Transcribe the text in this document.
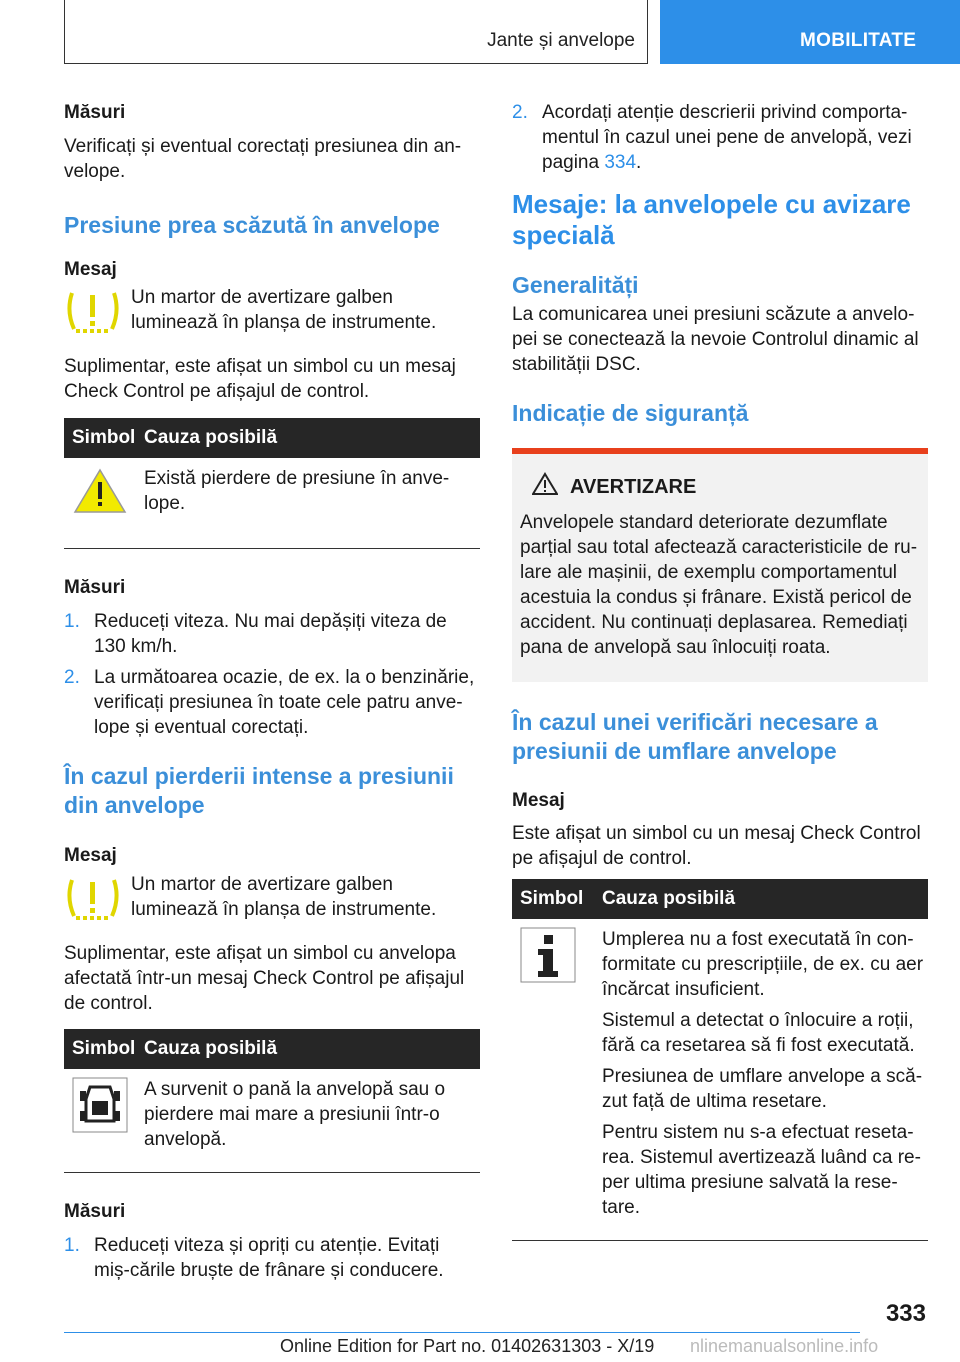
Jante și anvelope	MOBILITATE

Măsuri

Verificați și eventual corectați presiunea din an-velope.

Presiune prea scăzută în anvelope

Mesaj

Un martor de avertizare galben luminează în planșa de instrumente.

Suplimentar, este afișat un simbol cu un mesaj Check Control pe afișajul de control.

Simbol Cauza posibilă

Există pierdere de presiune în anve-lope.

Măsuri

1. Reduceți viteza. Nu mai depășiți viteza de 130 km/h.
2. La următoarea ocazie, de ex. la o benzinărie, verificați presiunea în toate cele patru anve-lope și eventual corectați.
În cazul pierderii intense a presiunii din anvelope

Mesaj

Un martor de avertizare galben luminează în planșa de instrumente.

Suplimentar, este afișat un simbol cu anvelopa afectată într-un mesaj Check Control pe afișajul de control.

Simbol Cauza posibilă

A survenit o pană la anvelopă sau o pierdere mai mare a presiunii într-o anvelopă.

Măsuri

1. Reduceți viteza și opriți cu atenție. Evitați miș-cările bruște de frânare și conducere.
2. Acordați atenție descrierii privind comporta-mentul în cazul unei pene de anvelopă, vezi pagina 334.
Mesaje: la anvelopele cu avizare specială
Generalități

La comunicarea unei presiuni scăzute a anvelo-pei se conectează la nevoie Controlul dinamic al stabilității DSC.

Indicație de siguranță
AVERTIZARE

Anvelopele standard deteriorate dezumflate parțial sau total afectează caracteristicile de ru-lare ale mașinii, de exemplu comportamentul acestuia la condus și frânare. Există pericol de accident. Nu continuați deplasarea. Remediați pana de anvelopă sau înlocuiți roata.

În cazul unei verificări necesare a presiunii de umflare anvelope

Mesaj

Este afișat un simbol cu un mesaj Check Control pe afișajul de control.

Simbol Cauza posibilă

Umplerea nu a fost executată în con-formitate cu prescripțiile, de ex. cu aer încărcat insuficient.

Sistemul a detectat o înlocuire a roții, fără ca resetarea să fi fost executată.

Presiunea de umflare anvelope a scă-zut față de ultima resetare.

Pentru sistem nu s-a efectuat reseta-rea. Sistemul avertizează luând ca re-per ultima presiune salvată la rese-tare.

333
Online Edition for Part no. 01402631303 - X/19 nlinemanualsonline.info
